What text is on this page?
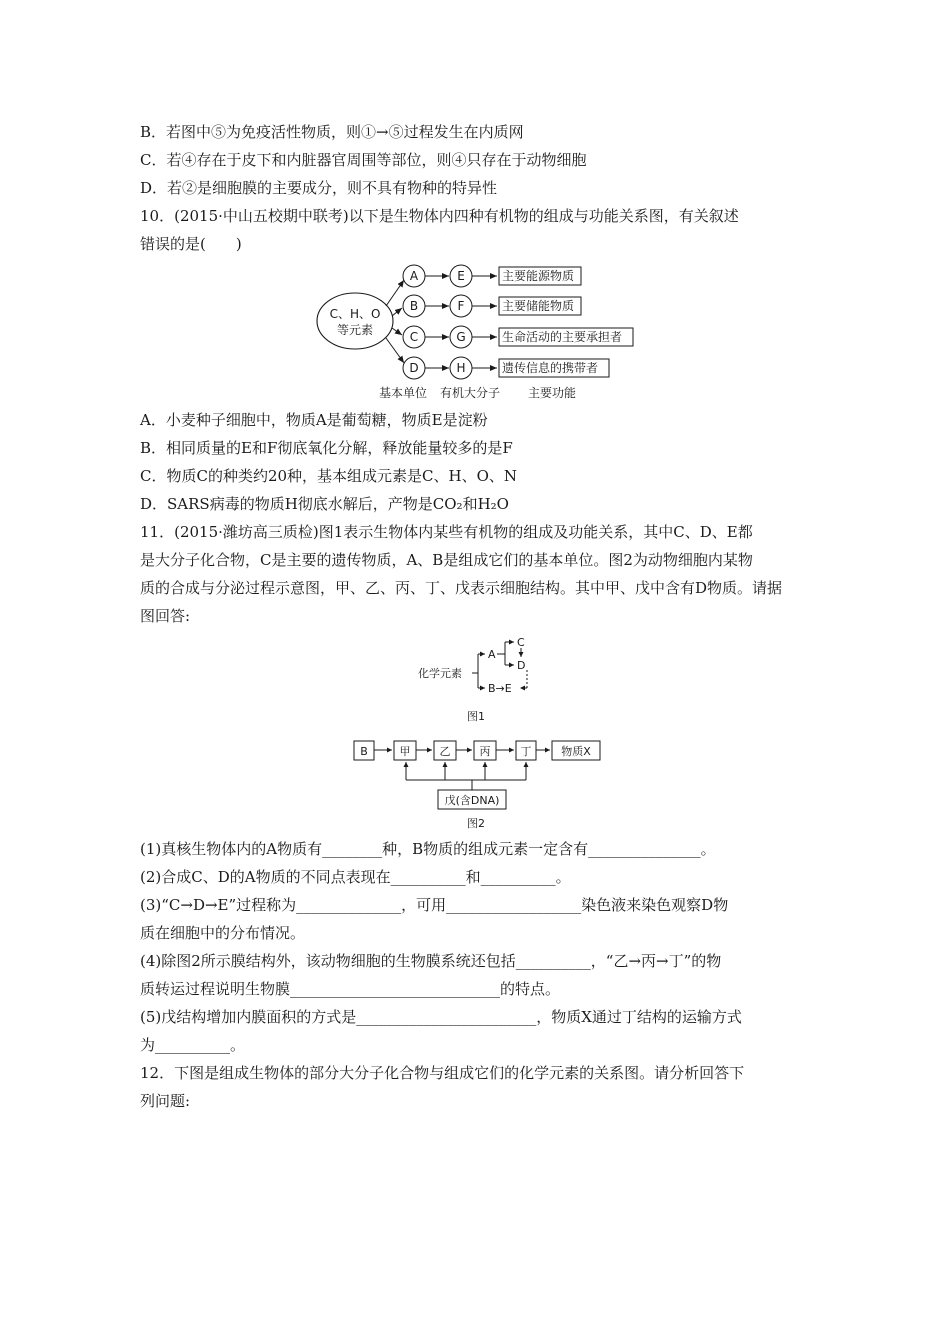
B．若图中⑤为免疫活性物质，则①→⑤过程发生在内质网
C．若④存在于皮下和内脏器官周围等部位，则④只存在于动物细胞
D．若②是细胞膜的主要成分，则不具有物种的特异性
10．(2015·中山五校期中联考)以下是生物体内四种有机物的组成与功能关系图，有关叙述
错误的是(　　)
C、H、O
等元素
A	E	主要能源物质
B	F	主要储能物质
C	G	生命活动的主要承担者
D	H	遗传信息的携带者
基本单位 有机大分子 主要功能
A．小麦种子细胞中，物质A是葡萄糖，物质E是淀粉
B．相同质量的E和F彻底氧化分解，释放能量较多的是F
C．物质C的种类约20种，基本组成元素是C、H、O、N
D．SARS病毒的物质H彻底水解后，产物是CO₂和H₂O
11．(2015·潍坊高三质检)图1表示生物体内某些有机物的组成及功能关系，其中C、D、E都
是大分子化合物，C是主要的遗传物质，A、B是组成它们的基本单位。图2为动物细胞内某物
质的合成与分泌过程示意图，甲、乙、丙、丁、戊表示细胞结构。其中甲、戊中含有D物质。请据
图回答:
化学元素
A
C
D
B→E
图1
B	甲	乙	丙	丁	物质X
戊(含DNA)
图2
(1)真核生物体内的A物质有________种，B物质的组成元素一定含有_______________。
(2)合成C、D的A物质的不同点表现在__________和__________。
(3)“C→D→E”过程称为______________，可用__________________染色液来染色观察D物
质在细胞中的分布情况。
(4)除图2所示膜结构外，该动物细胞的生物膜系统还包括__________，“乙→丙→丁”的物
质转运过程说明生物膜____________________________的特点。
(5)戊结构增加内膜面积的方式是________________________，物质X通过丁结构的运输方式
为__________。
12．下图是组成生物体的部分大分子化合物与组成它们的化学元素的关系图。请分析回答下
列问题:
